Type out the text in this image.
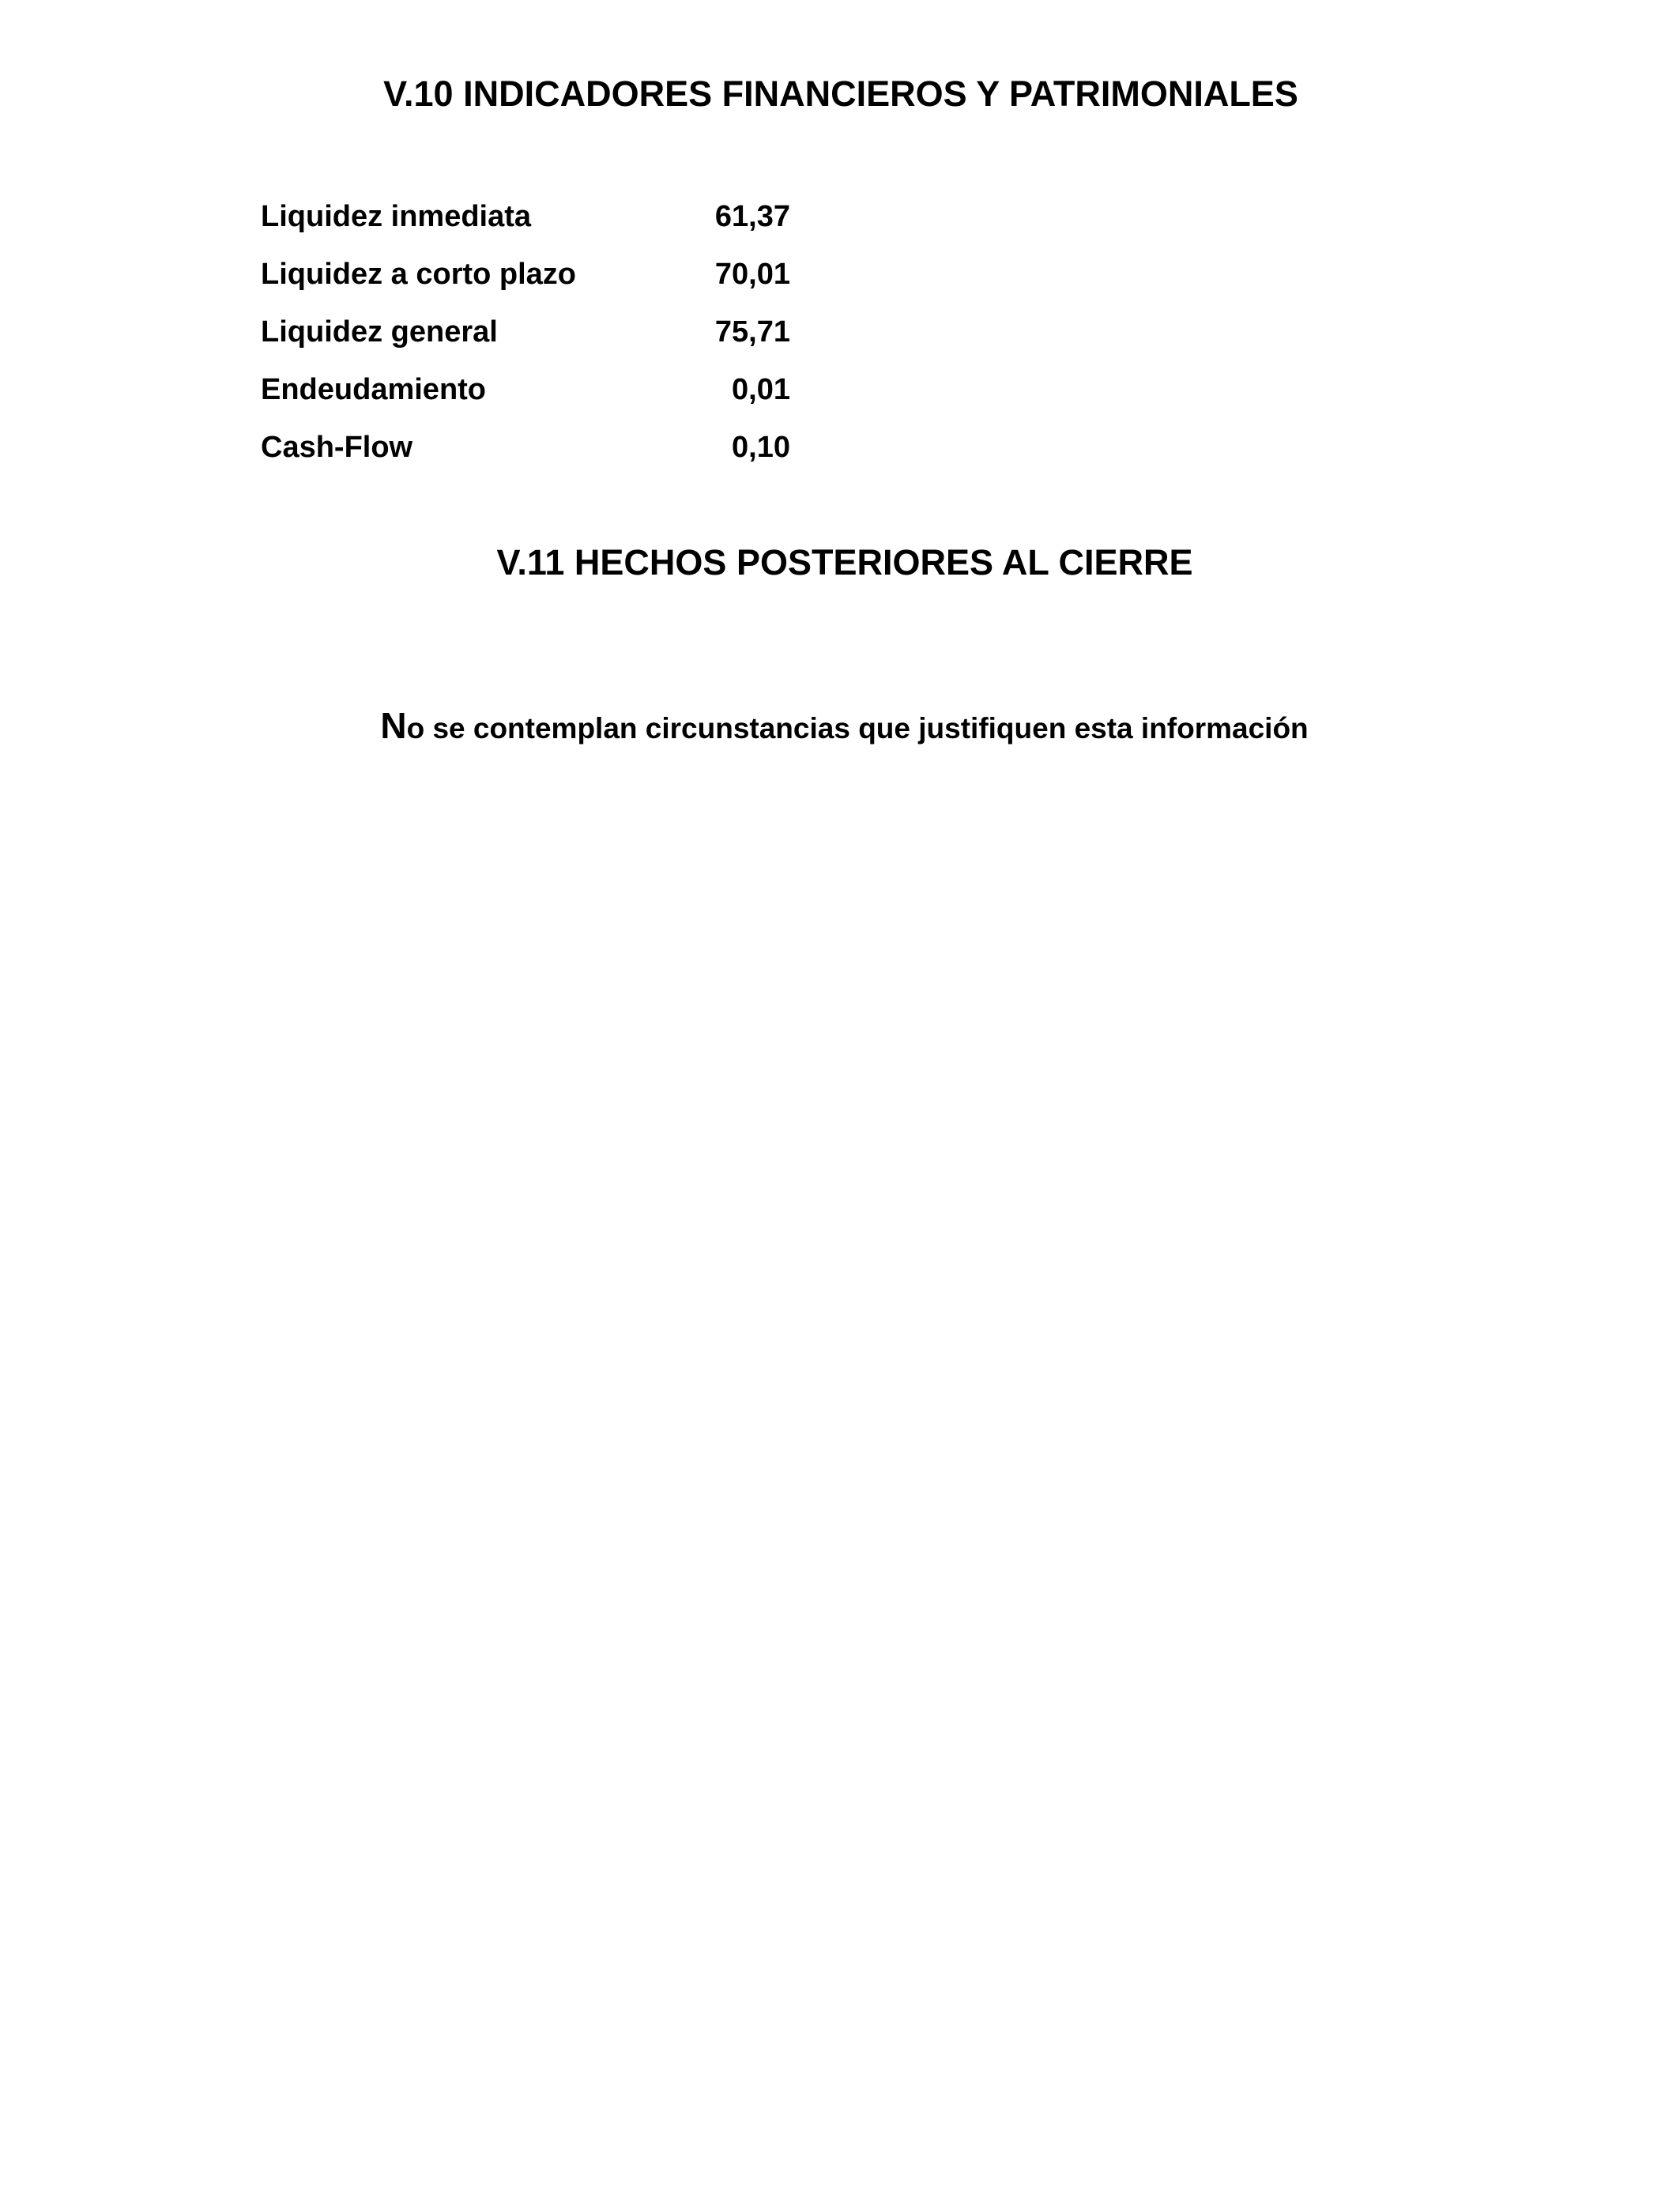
V.10 INDICADORES FINANCIEROS Y PATRIMONIALES
Liquidez inmediata	61,37
Liquidez a corto plazo	70,01
Liquidez general	75,71
Endeudamiento	0,01
Cash-Flow	0,10
V.11 HECHOS POSTERIORES AL CIERRE

No se contemplan circunstancias que justifiquen esta información
